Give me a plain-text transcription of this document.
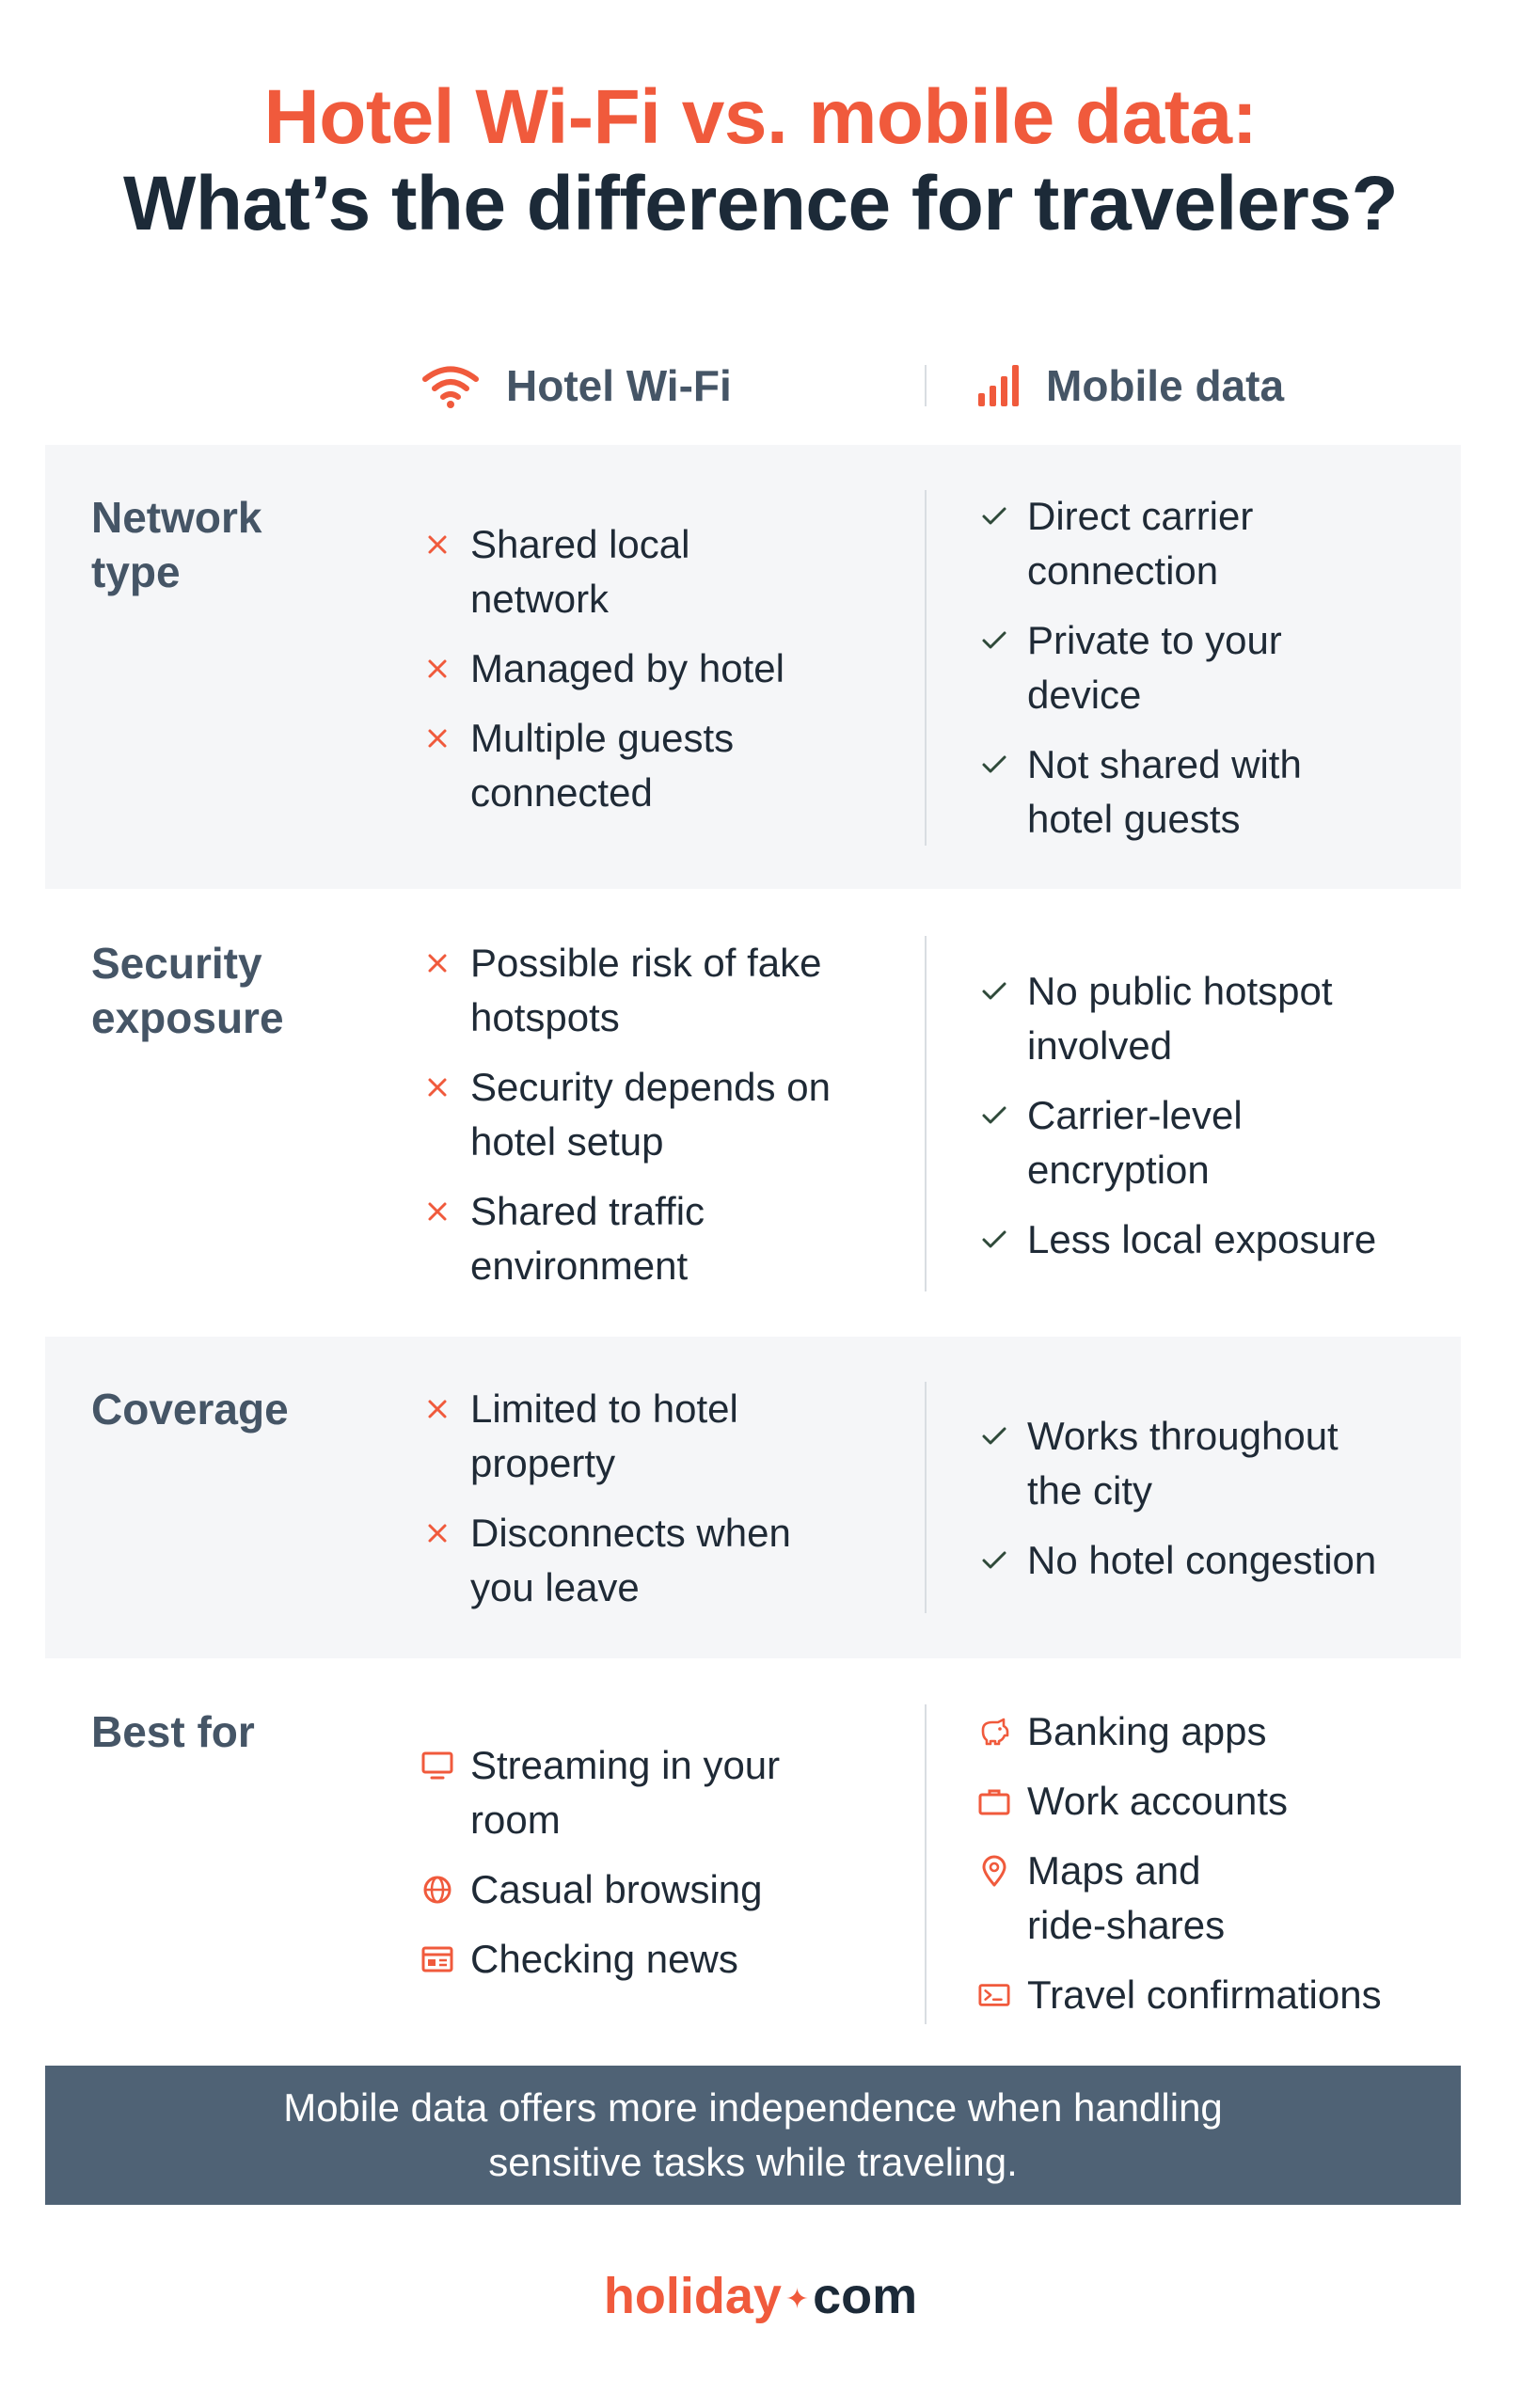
Hotel Wi-Fi vs. mobile data:
What’s the difference for travelers?
Hotel Wi-Fi	Mobile data
Network
type
Shared local
network
Managed by hotel
Multiple guests
connected
Direct carrier
connection
Private to your
device
Not shared with
hotel guests
Security
exposure
Possible risk of fake
hotspots
Security depends on
hotel setup
Shared traffic
environment
No public hotspot
involved
Carrier-level
encryption
Less local exposure
Coverage	Limited to hotel
property
Disconnects when
you leave
Works throughout
the city
No hotel congestion
Best for
Streaming in your
room
Casual browsing
Checking news
Banking apps
Work accounts
Maps and
ride-shares
Travel confirmations
Mobile data offers more independence when handling
sensitive tasks while traveling.
holiday ✦com
